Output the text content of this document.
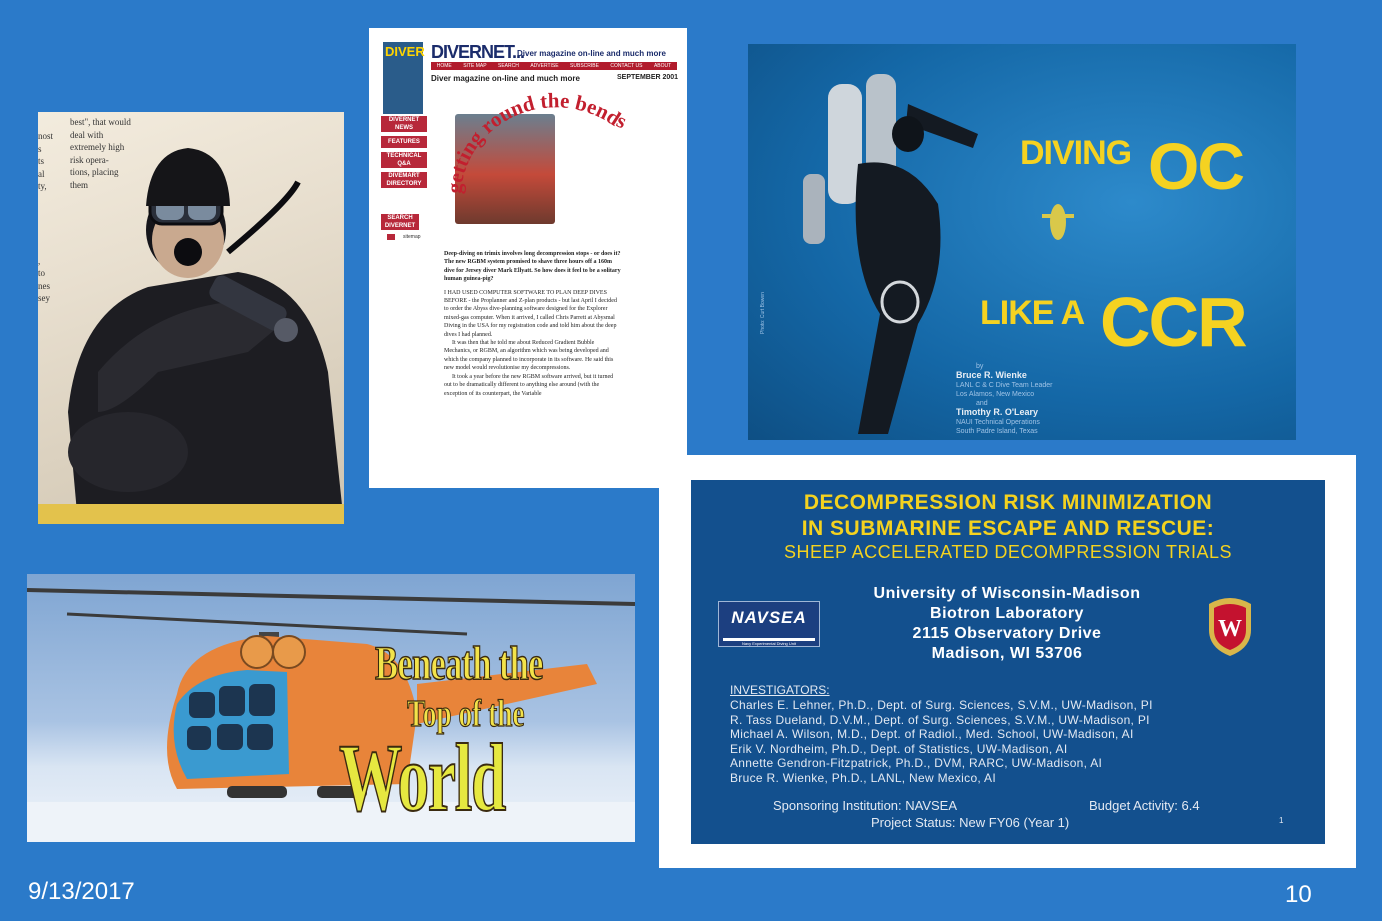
best", that would
deal with
extremely high
risk opera-
tions, placing
them
nost
s
ts
al
ty,
,
to
nes
sey
DIVER DIVERNET...
Diver magazine on-line and much more
HOME SITE MAP SEARCH ADVERTISE SUBSCRIBE CONTACT US ABOUT
Diver magazine on-line and much more	SEPTEMBER 2001
DIVERNET NEWS
FEATURES
TECHNICAL Q&A
DIVEMART DIRECTORY
SEARCH DIVERNET
sitemap
getting round the bends

Deep-diving on trimix involves long decompression stops - or does it? The new RGBM system promised to shave three hours off a 160m dive for Jersey diver Mark Ellyatt. So how does it feel to be a solitary human guinea-pig?

I HAD USED COMPUTER SOFTWARE TO PLAN DEEP DIVES BEFORE - the Proplanner and Z-plan products - but last April I decided to order the Abyss dive-planning software designed for the Explorer mixed-gas computer. When it arrived, I called Chris Parrett at Abysmal Diving in the USA for my registration code and told him about the deep dives I had planned.

It was then that he told me about Reduced Gradient Bubble Mechanics, or RGBM, an algorithm which was being developed and which the company planned to incorporate in its software. He said this new model would revolutionise my decompressions.

It took a year before the new RGBM software arrived, but it turned out to be dramatically different to anything else around (with the exception of its counterpart, the Variable

Photo: Curt Bowen
DIVING OC
LIKE A CCR
by
Bruce R. Wienke
LANL C & C Dive Team Leader
Los Alamos, New Mexico
and
Timothy R. O'Leary
NAUI Technical Operations
South Padre Island, Texas
Beneath the
Top of the
World
DECOMPRESSION RISK MINIMIZATION
IN SUBMARINE ESCAPE AND RESCUE:
SHEEP ACCELERATED DECOMPRESSION TRIALS
NAVSEA
Navy Experimental Diving Unit
University of Wisconsin-Madison
Biotron Laboratory
2115 Observatory Drive
Madison, WI 53706
W
INVESTIGATORS:
Charles E. Lehner, Ph.D., Dept. of Surg. Sciences, S.V.M., UW-Madison, PI
R. Tass Dueland, D.V.M., Dept. of Surg. Sciences, S.V.M., UW-Madison, PI
Michael A. Wilson, M.D., Dept. of Radiol., Med. School, UW-Madison, AI
Erik V. Nordheim, Ph.D., Dept. of Statistics, UW-Madison, AI
Annette Gendron-Fitzpatrick, Ph.D., DVM, RARC, UW-Madison, AI
Bruce R. Wienke, Ph.D., LANL, New Mexico, AI
Sponsoring Institution: NAVSEA	Budget Activity: 6.4
Project Status: New FY06 (Year 1)	1
9/13/2017	10
